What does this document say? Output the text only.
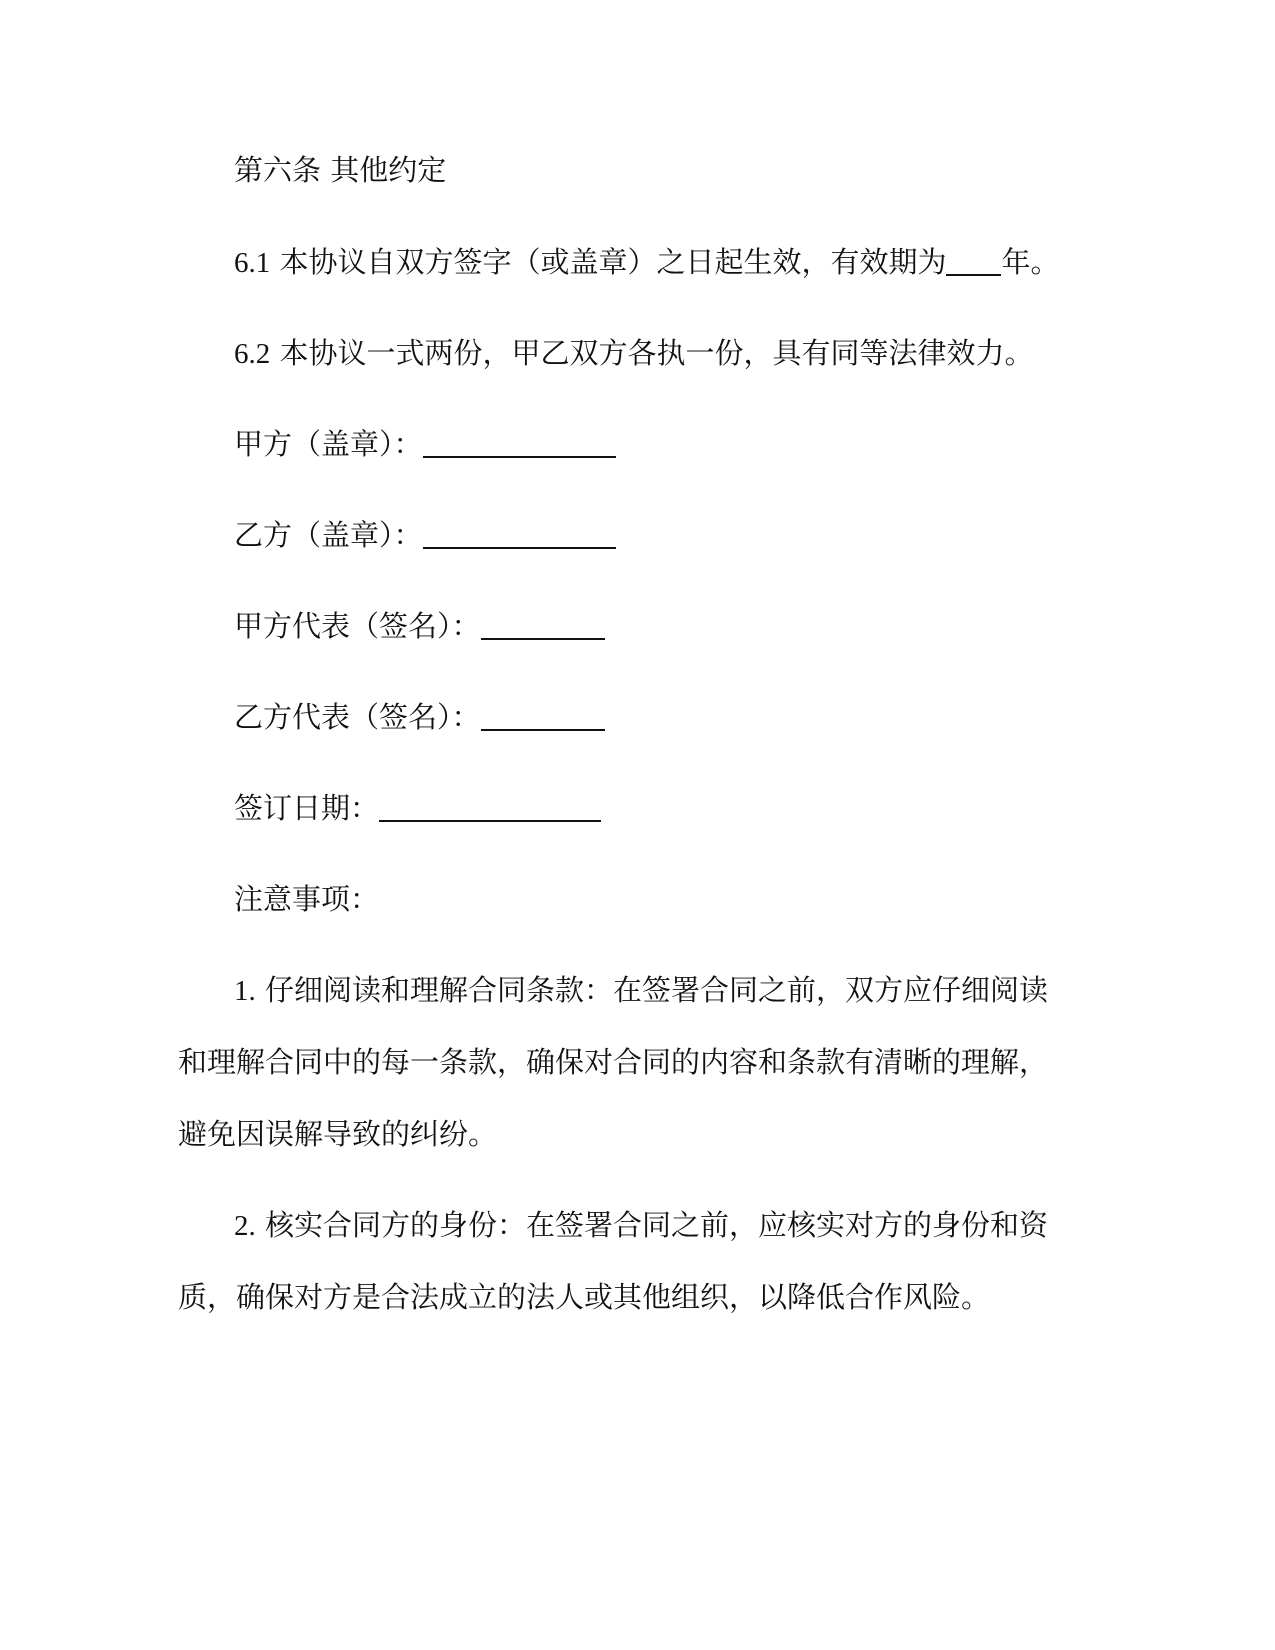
第六条 其他约定
6.1 本协议自双方签字（或盖章）之日起生效，有效期为 年。
6.2 本协议一式两份，甲乙双方各执一份，具有同等法律效力。
甲方（盖章）：
乙方（盖章）：
甲方代表（签名）：
乙方代表（签名）：
签订日期：
注意事项：
1. 仔细阅读和理解合同条款：在签署合同之前，双方应仔细阅读
和理解合同中的每一条款，确保对合同的内容和条款有清晰的理解，
避免因误解导致的纠纷。
2. 核实合同方的身份：在签署合同之前，应核实对方的身份和资
质，确保对方是合法成立的法人或其他组织，以降低合作风险。
